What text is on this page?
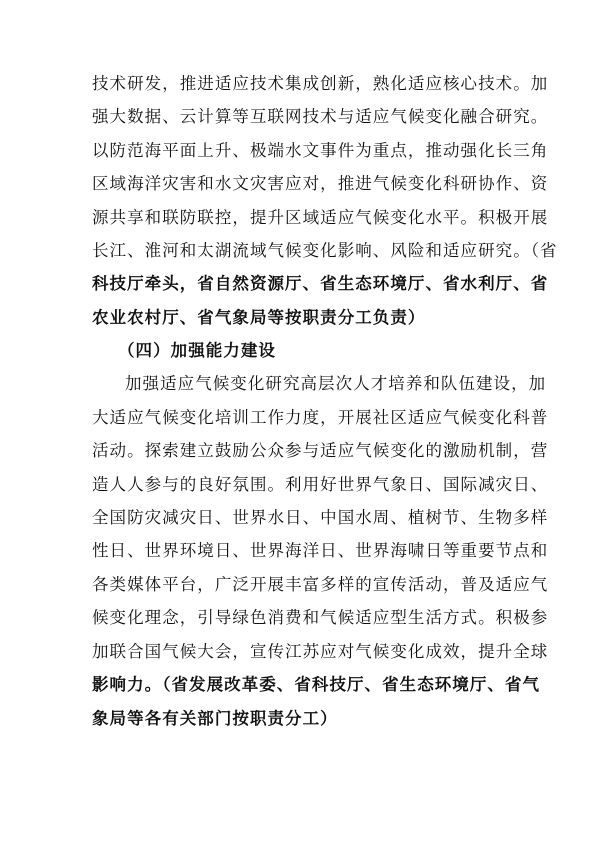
技术研发，推进适应技术集成创新，熟化适应核心技术。加
强大数据、云计算等互联网技术与适应气候变化融合研究。
以防范海平面上升、极端水文事件为重点，推动强化长三角
区域海洋灾害和水文灾害应对，推进气候变化科研协作、资
源共享和联防联控，提升区域适应气候变化水平。积极开展
长江、淮河和太湖流域气候变化影响、风险和适应研究。（省
科技厅牵头，省自然资源厅、省生态环境厅、省水利厅、省
农业农村厅、省气象局等按职责分工负责）
（四）加强能力建设
加强适应气候变化研究高层次人才培养和队伍建设，加
大适应气候变化培训工作力度，开展社区适应气候变化科普
活动。探索建立鼓励公众参与适应气候变化的激励机制，营
造人人参与的良好氛围。利用好世界气象日、国际减灾日、
全国防灾减灾日、世界水日、中国水周、植树节、生物多样
性日、世界环境日、世界海洋日、世界海啸日等重要节点和
各类媒体平台，广泛开展丰富多样的宣传活动，普及适应气
候变化理念，引导绿色消费和气候适应型生活方式。积极参
加联合国气候大会，宣传江苏应对气候变化成效，提升全球
影响力。（省发展改革委、省科技厅、省生态环境厅、省气
象局等各有关部门按职责分工）
